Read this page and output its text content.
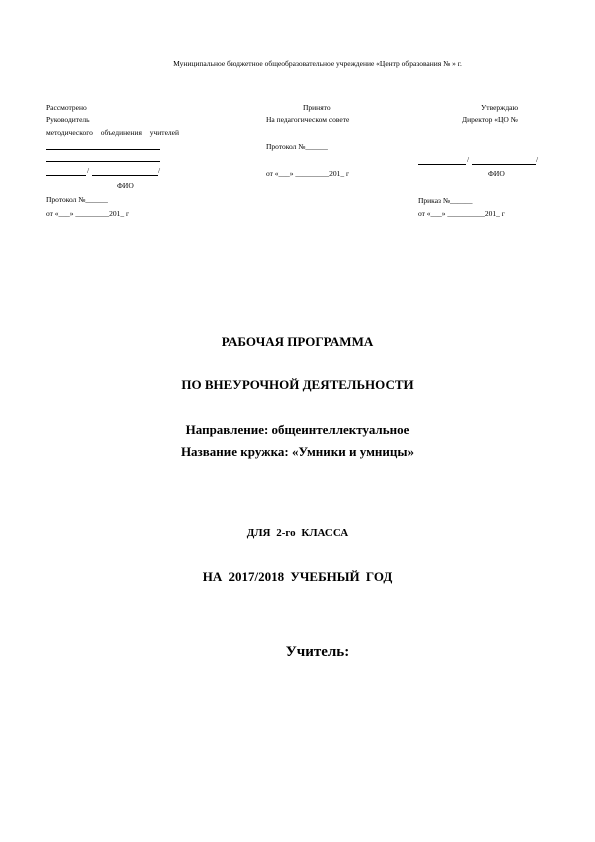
Муниципальное бюджетное общеобразовательное учреждение «Центр образования № » г.
Рассмотрено
Руководитель
методического объединения учителей
/	/
ФИО
Протокол №______
от «___» _________201_ г
Принято
На педагогическом совете
Протокол №______
от «___» _________201_ г
Утверждаю
Директор «ЦО №
/	/
ФИО
Приказ №______
от «___» __________201_ г
РАБОЧАЯ ПРОГРАММА
ПО ВНЕУРОЧНОЙ ДЕЯТЕЛЬНОСТИ
Направление: общеинтеллектуальное
Название кружка: «Умники и умницы»
ДЛЯ 2-го КЛАССА
НА 2017/2018 УЧЕБНЫЙ ГОД
Учитель:
